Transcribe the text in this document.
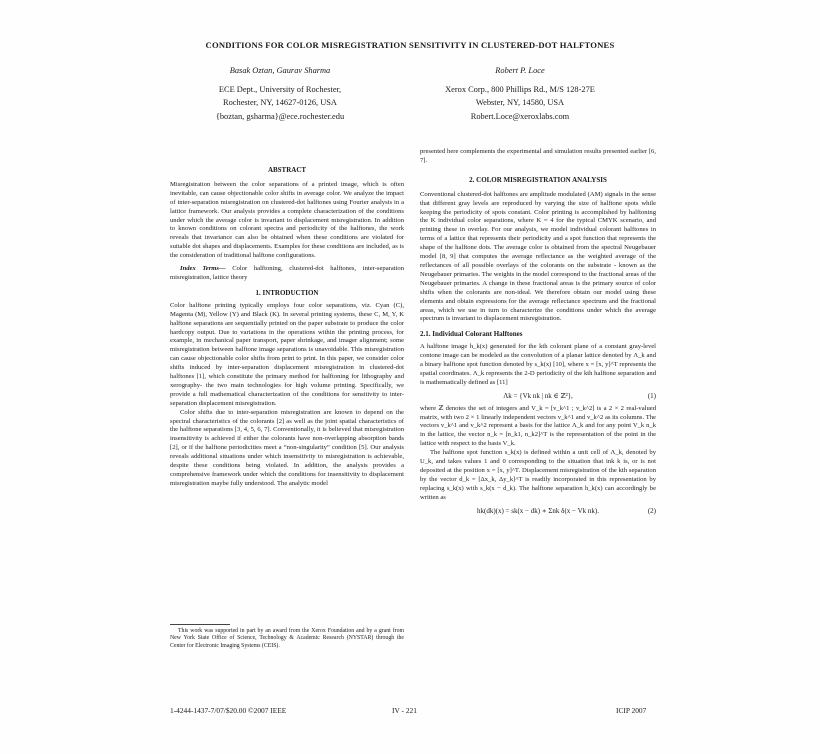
CONDITIONS FOR COLOR MISREGISTRATION SENSITIVITY IN CLUSTERED-DOT HALFTONES
Basak Oztan, Gaurav Sharma
ECE Dept., University of Rochester,
Rochester, NY, 14627-0126, USA
{boztan, gsharma}@ece.rochester.edu
Robert P. Loce
Xerox Corp., 800 Phillips Rd., M/S 128-27E
Webster, NY, 14580, USA
Robert.Loce@xeroxlabs.com

ABSTRACT

Misregistration between the color separations of a printed image, which is often inevitable, can cause objectionable color shifts in average color. We analyze the impact of inter-separation misregistration on clustered-dot halftones using Fourier analysis in a lattice framework. Our analysis provides a complete characterization of the conditions under which the average color is invariant to displacement misregistration. In addition to known conditions on colorant spectra and periodicity of the halftones, the work reveals that invariance can also be obtained when these conditions are violated for suitable dot shapes and displacements. Examples for these conditions are included, as is the consideration of traditional halftone configurations.

Index Terms— Color halftoning, clustered-dot halftones, inter-separation misregistration, lattice theory

1. INTRODUCTION

Color halftone printing typically employs four color separations, viz. Cyan (C), Magenta (M), Yellow (Y) and Black (K). In several printing systems, these C, M, Y, K halftone separations are sequentially printed on the paper substrate to produce the color hardcopy output. Due to variations in the operations within the printing process, for example, in mechanical paper transport, paper shrinkage, and imager alignment; some misregistration between halftone image separations is unavoidable. This misregistration can cause objectionable color shifts from print to print. In this paper, we consider color shifts induced by inter-separation displacement misregistration in clustered-dot halftones [1], which constitute the primary method for halftoning for lithography and xerography- the two main technologies for high volume printing. Specifically, we provide a full mathematical characterization of the conditions for sensitivity to inter-separation displacement misregistration.

Color shifts due to inter-separation misregistration are known to depend on the spectral characteristics of the colorants [2] as well as the joint spatial characteristics of the halftone separations [3, 4, 5, 6, 7]. Conventionally, it is believed that misregistration insensitivity is achieved if either the colorants have non-overlapping absorption bands [2], or if the halftone periodicities meet a “non-singularity” condition [5]. Our analysis reveals additional situations under which insensitivity to misregistration is achievable, despite these conditions being violated. In addition, the analysis provides a comprehensive framework under which the conditions for insensitivity to displacement misregistration maybe fully understood. The analytic model

This work was supported in part by an award from the Xerox Foundation and by a grant from New York State Office of Science, Technology & Academic Research (NYSTAR) through the Center for Electronic Imaging Systems (CEIS).

presented here complements the experimental and simulation results presented earlier [6, 7].

2. COLOR MISREGISTRATION ANALYSIS

Conventional clustered-dot halftones are amplitude modulated (AM) signals in the sense that different gray levels are reproduced by varying the size of halftone spots while keeping the periodicity of spots constant. Color printing is accomplished by halftoning the K individual color separations, where K = 4 for the typical CMYK scenario, and printing these in overlay. For our analysis, we model individual colorant halftones in terms of a lattice that represents their periodicity and a spot function that represents the shape of the halftone dots. The average color is obtained from the spectral Neugebauer model [8, 9] that computes the average reflectance as the weighted average of the reflectances of all possible overlays of the colorants on the substrate - known as the Neugebauer primaries. The weights in the model correspond to the fractional areas of the Neugebauer primaries. A change in these fractional areas is the primary source of color shifts when the colorants are non-ideal. We therefore obtain our model using these elements and obtain expressions for the average reflectance spectrum and the fractional areas, which we use in turn to characterize the conditions under which the average spectrum is invariant to displacement misregistration.

2.1. Individual Colorant Halftones

A halftone image h_k(x) generated for the kth colorant plane of a constant gray-level contone image can be modeled as the convolution of a planar lattice denoted by Λ_k and a binary halftone spot function denoted by s_k(x) [10], where x = [x, y]^T represents the spatial coordinates. Λ_k represents the 2-D periodicity of the kth halftone separation and is mathematically defined as [11]

Λk = {Vk nk | nk ∈ ℤ²},	(1)

where ℤ denotes the set of integers and V_k = [v_k^1 ; v_k^2] is a 2 × 2 real-valued matrix, with two 2 × 1 linearly independent vectors v_k^1 and v_k^2 as its columns. The vectors v_k^1 and v_k^2 represent a basis for the lattice Λ_k and for any point V_k n_k in the lattice, the vector n_k = [n_k1, n_k2]^T is the representation of the point in the lattice with respect to the basis V_k.

The halftone spot function s_k(x) is defined within a unit cell of Λ_k, denoted by U_k, and takes values 1 and 0 corresponding to the situation that ink k is, or is not deposited at the position x = [x, y]^T. Displacement misregistration of the kth separation by the vector d_k = [Δx_k, Δy_k]^T is readily incorporated in this representation by replacing s_k(x) with s_k(x − d_k). The halftone separation h_k(x) can accordingly be written as

hk(dk)(x) = sk(x − dk) ∗ Σnk δ(x − Vk nk).	(2)
1-4244-1437-7/07/$20.00 ©2007 IEEE	IV - 221	ICIP 2007
